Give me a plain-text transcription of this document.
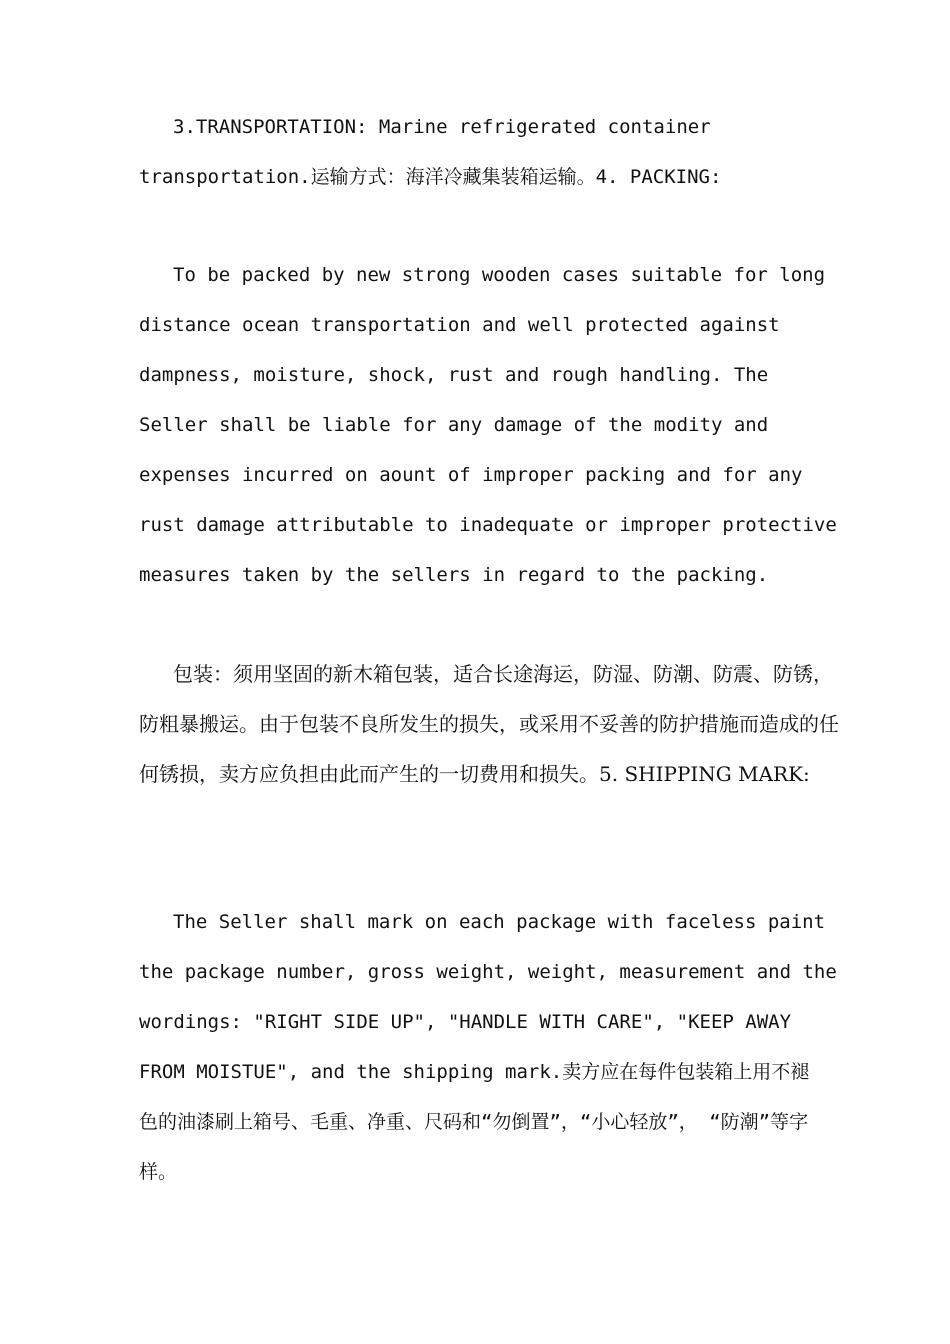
3.TRANSPORTATION: Marine refrigerated container transportation.运输方式：海洋冷藏集装箱运输。4. PACKING:

To be packed by new strong wooden cases suitable for long distance ocean transportation and well protected against dampness, moisture, shock, rust and rough handling. The Seller shall be liable for any damage of the modity and expenses incurred on aount of improper packing and for any rust damage attributable to inadequate or improper protective measures taken by the sellers in regard to the packing.

包装：须用坚固的新木箱包装，适合长途海运，防湿、防潮、防震、防锈，防粗暴搬运。由于包装不良所发生的损失，或采用不妥善的防护措施而造成的任何锈损，卖方应负担由此而产生的一切费用和损失。5. SHIPPING MARK:

The Seller shall mark on each package with faceless paint the package number, gross weight, weight, measurement and the wordings: "RIGHT SIDE UP", "HANDLE WITH CARE", "KEEP AWAY FROM MOISTUE", and the shipping mark.卖方应在每件包装箱上用不褪 色的油漆刷上箱号、毛重、净重、尺码和“勿倒置”，“小心轻放”， “防潮”等字样。
